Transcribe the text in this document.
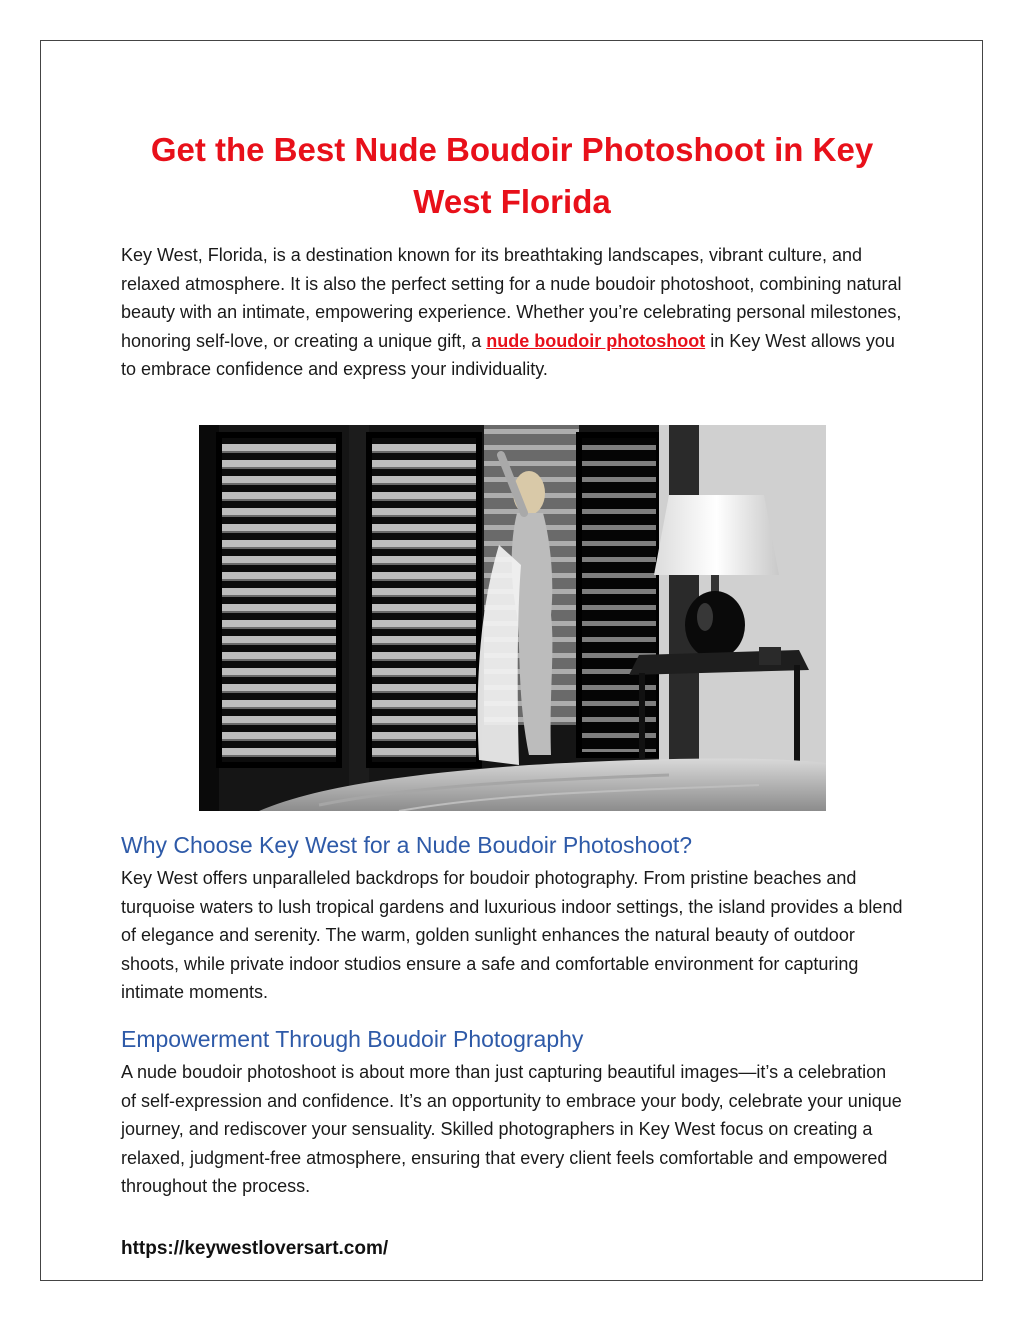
Get the Best Nude Boudoir Photoshoot in Key West Florida

Key West, Florida, is a destination known for its breathtaking landscapes, vibrant culture, and relaxed atmosphere. It is also the perfect setting for a nude boudoir photoshoot, combining natural beauty with an intimate, empowering experience. Whether you’re celebrating personal milestones, honoring self-love, or creating a unique gift, a nude boudoir photoshoot in Key West allows you to embrace confidence and express your individuality.

Why Choose Key West for a Nude Boudoir Photoshoot?

Key West offers unparalleled backdrops for boudoir photography. From pristine beaches and turquoise waters to lush tropical gardens and luxurious indoor settings, the island provides a blend of elegance and serenity. The warm, golden sunlight enhances the natural beauty of outdoor shoots, while private indoor studios ensure a safe and comfortable environment for capturing intimate moments.

Empowerment Through Boudoir Photography

A nude boudoir photoshoot is about more than just capturing beautiful images—it’s a celebration of self-expression and confidence. It’s an opportunity to embrace your body, celebrate your unique journey, and rediscover your sensuality. Skilled photographers in Key West focus on creating a relaxed, judgment-free atmosphere, ensuring that every client feels comfortable and empowered throughout the process.

https://keywestloversart.com/
